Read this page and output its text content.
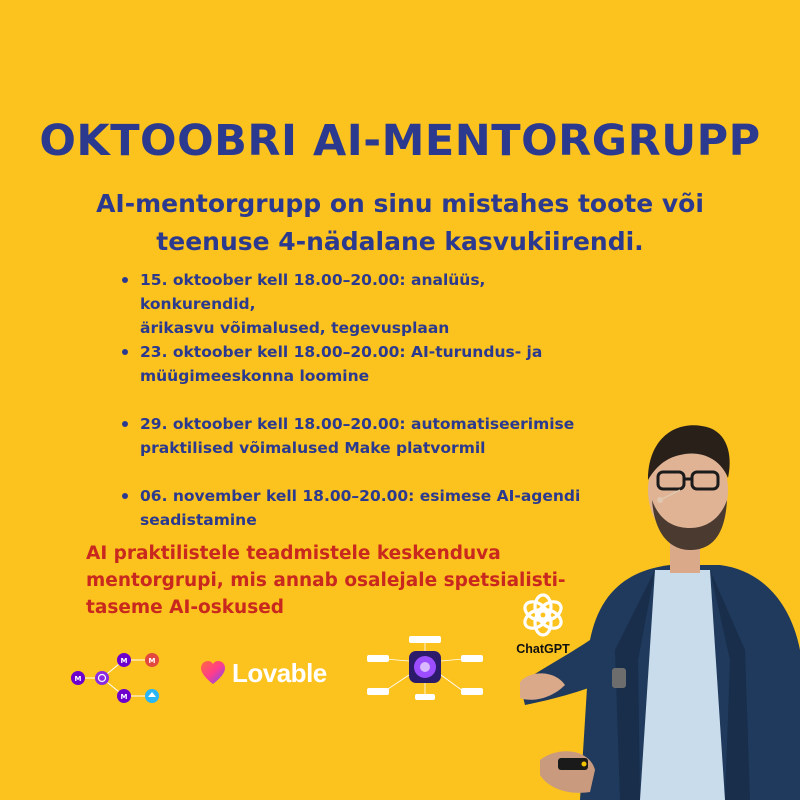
OKTOOBRI AI-MENTORGRUPP

AI-mentorgrupp on sinu mistahes toote või
teenuse 4-nädalane kasvukiirendi.

15. oktoober kell 18.00–20.00: analüüs, konkurendid,
ärikasvu võimalused, tegevusplaan
23. oktoober kell 18.00–20.00: AI-turundus- ja
müügimeeskonna loomine
29. oktoober kell 18.00–20.00: automatiseerimise
praktilised võimalused Make platvormil
06. november kell 18.00–20.00: esimese AI-agendi
seadistamine

AI praktilistele teadmistele keskenduva
mentorgrupi, mis annab osalejale spetsialisti-
taseme AI-oskused

M
M	M
M
Lovable
ChatGPT
